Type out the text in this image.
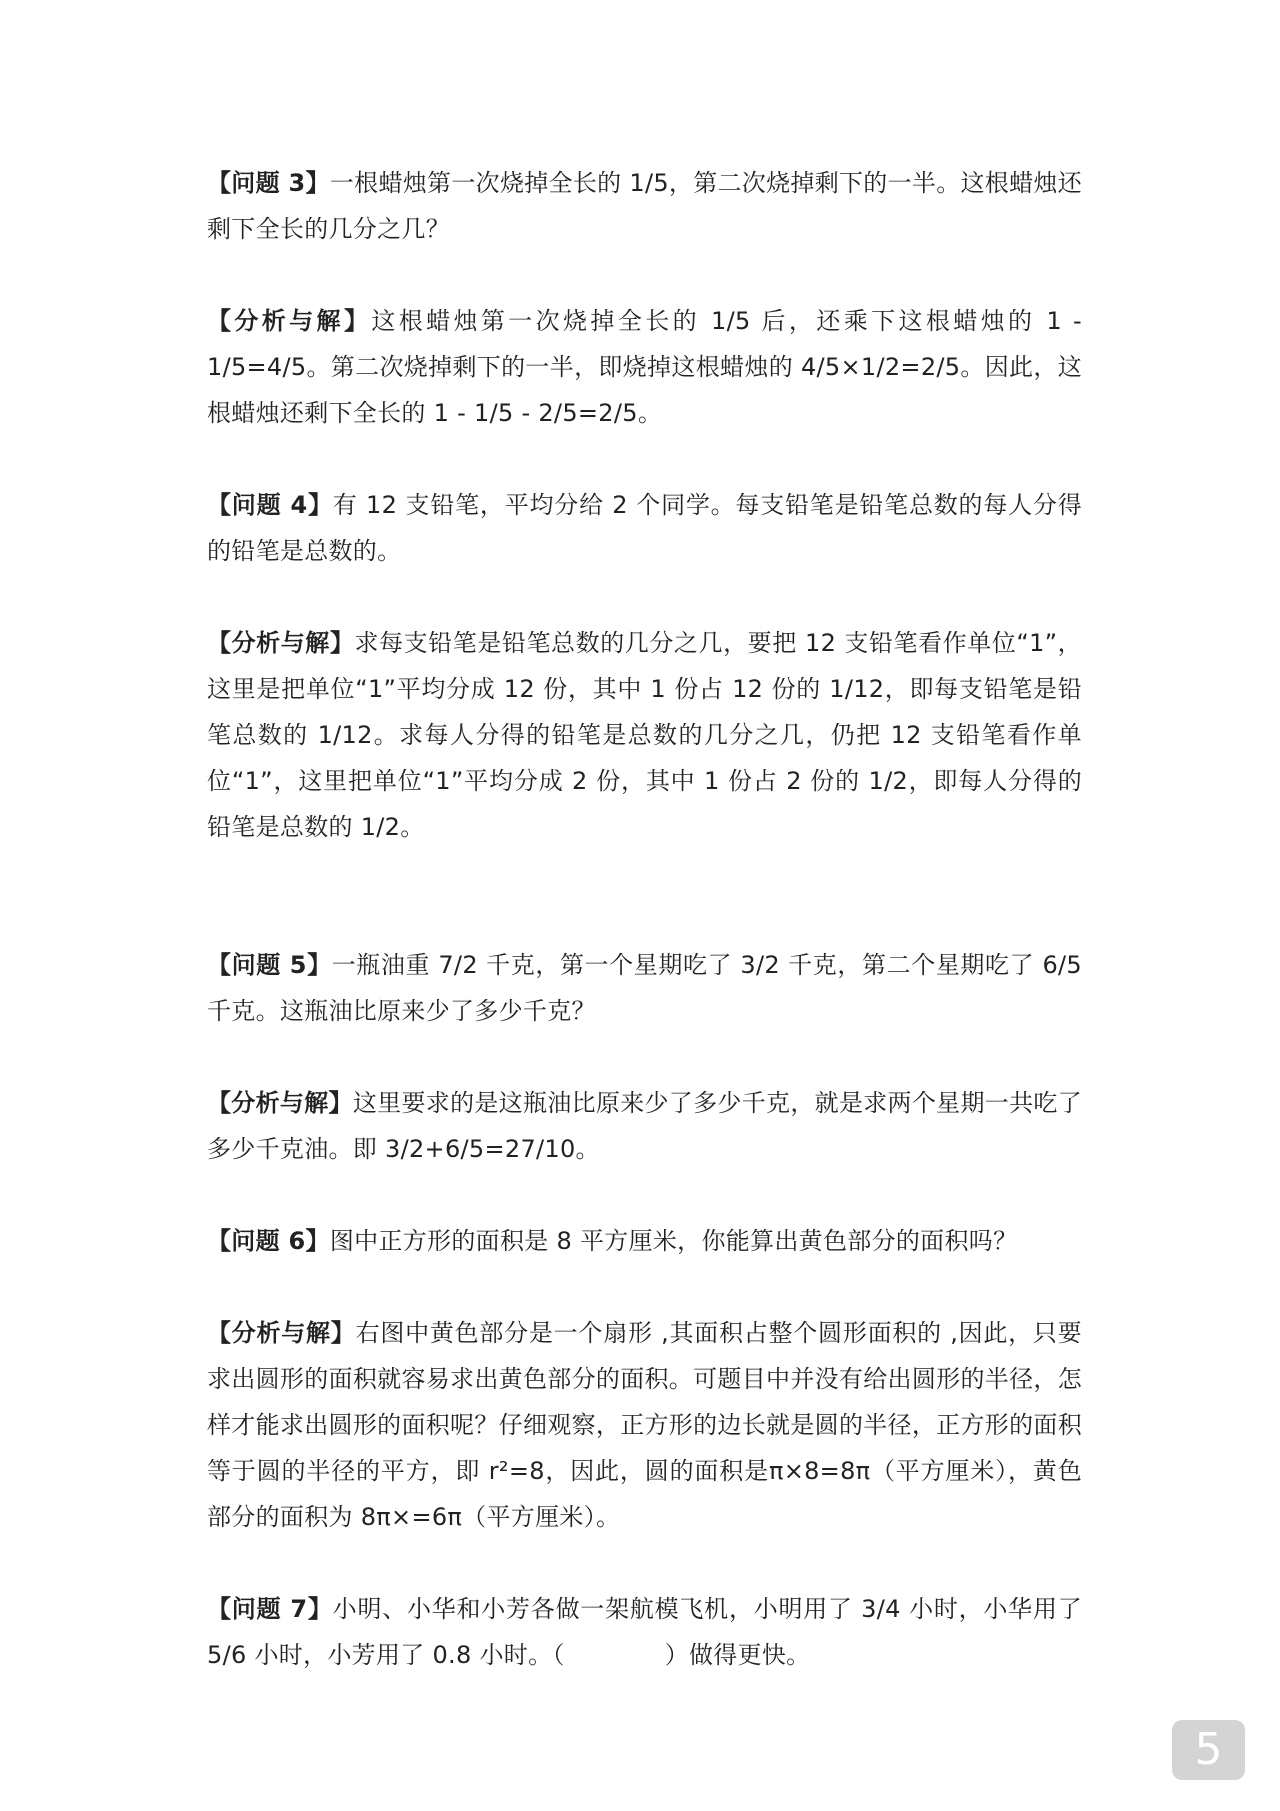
【问题 3】一根蜡烛第一次烧掉全长的 1/5，第二次烧掉剩下的一半。这根蜡烛还剩下全长的几分之几？

【分析与解】这根蜡烛第一次烧掉全长的 1/5 后，还乘下这根蜡烛的 1 - 1/5=4/5。第二次烧掉剩下的一半，即烧掉这根蜡烛的 4/5×1/2=2/5。因此，这根蜡烛还剩下全长的 1 - 1/5 - 2/5=2/5。

【问题 4】有 12 支铅笔，平均分给 2 个同学。每支铅笔是铅笔总数的每人分得的铅笔是总数的。

【分析与解】求每支铅笔是铅笔总数的几分之几，要把 12 支铅笔看作单位“1”，这里是把单位“1”平均分成 12 份，其中 1 份占 12 份的 1/12，即每支铅笔是铅笔总数的 1/12。求每人分得的铅笔是总数的几分之几，仍把 12 支铅笔看作单位“1”，这里把单位“1”平均分成 2 份，其中 1 份占 2 份的 1/2，即每人分得的铅笔是总数的 1/2。

【问题 5】一瓶油重 7/2 千克，第一个星期吃了 3/2 千克，第二个星期吃了 6/5 千克。这瓶油比原来少了多少千克？

【分析与解】这里要求的是这瓶油比原来少了多少千克，就是求两个星期一共吃了多少千克油。即 3/2+6/5=27/10。

【问题 6】图中正方形的面积是 8 平方厘米，你能算出黄色部分的面积吗？

【分析与解】右图中黄色部分是一个扇形 ,其面积占整个圆形面积的 ,因此，只要求出圆形的面积就容易求出黄色部分的面积。可题目中并没有给出圆形的半径，怎样才能求出圆形的面积呢？仔细观察，正方形的边长就是圆的半径，正方形的面积等于圆的半径的平方，即 r²=8，因此，圆的面积是π×8=8π（平方厘米），黄色部分的面积为 8π×=6π（平方厘米）。

【问题 7】小明、小华和小芳各做一架航模飞机，小明用了 3/4 小时，小华用了 5/6 小时，小芳用了 0.8 小时。（	）做得更快。

5
